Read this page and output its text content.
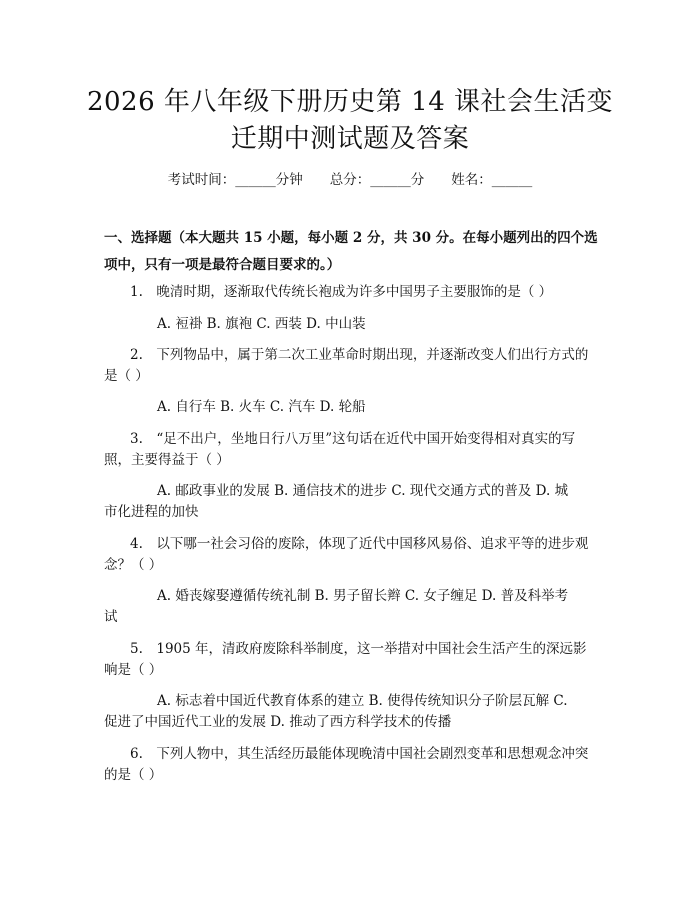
2026 年八年级下册历史第 14 课社会生活变
迁期中测试题及答案
考试时间：______分钟　　总分：______分　　姓名：______
一、选择题（本大题共 15 小题，每小题 2 分，共 30 分。在每小题列出的四个选
项中，只有一项是最符合题目要求的。）
1.　晚清时期，逐渐取代传统长袍成为许多中国男子主要服饰的是（ ）
A. 裋褂 B. 旗袍 C. 西装 D. 中山装
2.　下列物品中，属于第二次工业革命时期出现，并逐渐改变人们出行方式的
是（ ）
A. 自行车 B. 火车 C. 汽车 D. 轮船
3.　“足不出户，坐地日行八万里”这句话在近代中国开始变得相对真实的写
照，主要得益于（ ）
A. 邮政事业的发展 B. 通信技术的进步 C. 现代交通方式的普及 D. 城
市化进程的加快
4.　以下哪一社会习俗的废除，体现了近代中国移风易俗、追求平等的进步观
念？（ ）
A. 婚丧嫁娶遵循传统礼制 B. 男子留长辫 C. 女子缠足 D. 普及科举考
试
5.　1905 年，清政府废除科举制度，这一举措对中国社会生活产生的深远影
响是（ ）
A. 标志着中国近代教育体系的建立 B. 使得传统知识分子阶层瓦解 C.
促进了中国近代工业的发展 D. 推动了西方科学技术的传播
6.　下列人物中，其生活经历最能体现晚清中国社会剧烈变革和思想观念冲突
的是（ ）
